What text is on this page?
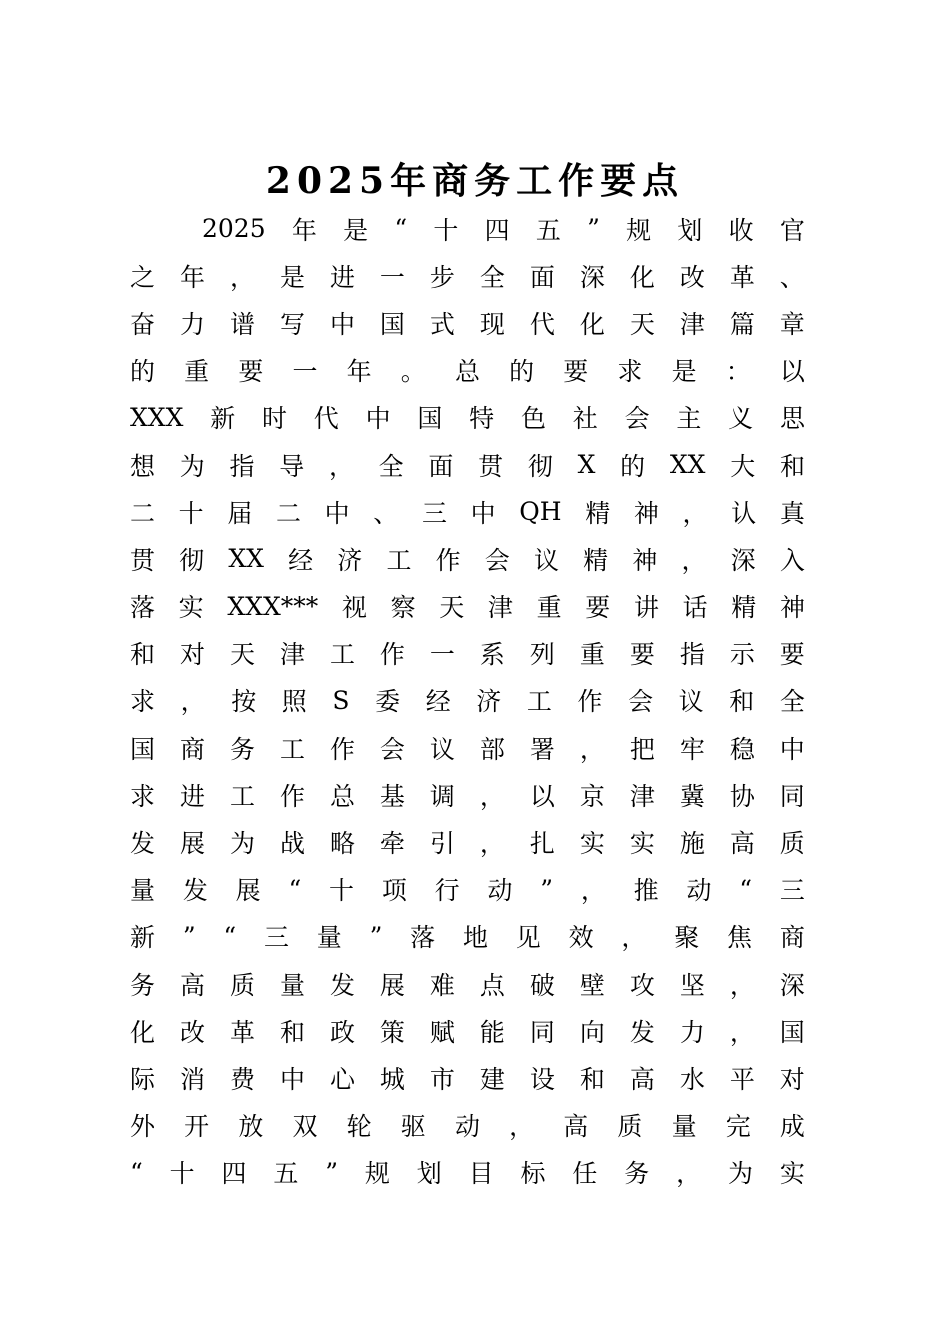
2025年商务工作要点
2025 年 是 “ 十 四 五 ” 规 划 收 官
之 年 ， 是 进 一 步 全 面 深 化 改 革 、
奋 力 谱 写 中 国 式 现 代 化 天 津 篇 章
的 重 要 一 年 。 总 的 要 求 是 ： 以
XXX 新 时 代 中 国 特 色 社 会 主 义 思
想 为 指 导 ， 全 面 贯 彻 X 的 XX 大 和
二 十 届 二 中 、 三 中 QH 精 神 ， 认 真
贯 彻 XX 经 济 工 作 会 议 精 神 ， 深 入
落 实 XXX*** 视 察 天 津 重 要 讲 话 精 神
和 对 天 津 工 作 一 系 列 重 要 指 示 要
求 ， 按 照 S 委 经 济 工 作 会 议 和 全
国 商 务 工 作 会 议 部 署 ， 把 牢 稳 中
求 进 工 作 总 基 调 ， 以 京 津 冀 协 同
发 展 为 战 略 牵 引 ， 扎 实 实 施 高 质
量 发 展 “ 十 项 行 动 ” ， 推 动 “ 三
新 ” “ 三 量 ” 落 地 见 效 ， 聚 焦 商
务 高 质 量 发 展 难 点 破 壁 攻 坚 ， 深
化 改 革 和 政 策 赋 能 同 向 发 力 ， 国
际 消 费 中 心 城 市 建 设 和 高 水 平 对
外 开 放 双 轮 驱 动 ， 高 质 量 完 成
“ 十 四 五 ” 规 划 目 标 任 务 ， 为 实
